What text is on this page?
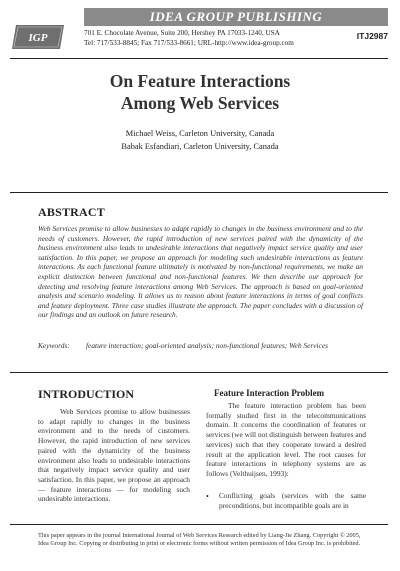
IDEA GROUP PUBLISHING
IGP	701 E. Chocolate Avenue, Suite 200, Hershey PA 17033-1240, USA
Tel: 717/533-8845; Fax 717/533-8661; URL-http://www.idea-group.com
ITJ2987
On Feature Interactions
Among Web Services
Michael Weiss, Carleton University, Canada
Babak Esfandiari, Carleton University, Canada
ABSTRACT
Web Services promise to allow businesses to adapt rapidly to changes in the business environment and to the needs of customers. However, the rapid introduction of new services paired with the dynamicity of the business environment also leads to undesirable interactions that negatively impact service quality and user satisfaction. In this paper, we propose an approach for modeling such undesirable interactions as feature interactions. As each functional feature ultimately is motivated by non-functional requirements, we make an explicit distinction between functional and non-functional features. We then describe our approach for detecting and resolving feature interactions among Web Services. The approach is based on goal-oriented analysis and scenario modeling. It allows us to reason about feature interactions in terms of goal conflicts and feature deployment. Three case studies illustrate the approach. The paper concludes with a discussion of our findings and an outlook on future research.
Keywords: feature interaction; goal-oriented analysis; non-functional features; Web Services
INTRODUCTION
Web Services promise to allow businesses to adapt rapidly to changes in the business environment and to the needs of customers. However, the rapid introduction of new services paired with the dynamicity of the business environment also leads to undesirable interactions that negatively impact service quality and user satisfaction. In this paper, we propose an approach — feature interactions — for modeling such undesirable interactions.
Feature Interaction Problem
The feature interaction problem has been formally studied first in the telecommunications domain. It concerns the coordination of features or services (we will not distinguish between features and services) such that they cooperate toward a desired result at the application level. The root causes for feature interactions in telephony systems are as follows (Velthuijsen, 1993):
• Conflicting goals (services with the same preconditions, but incompatible goals are in
This paper appears in the journal International Journal of Web Services Research edited by Liang-Jie Zhang. Copyright © 2005, Idea Group Inc. Copying or distributing in print or electronic forms without written permission of Idea Group Inc. is prohibited.
